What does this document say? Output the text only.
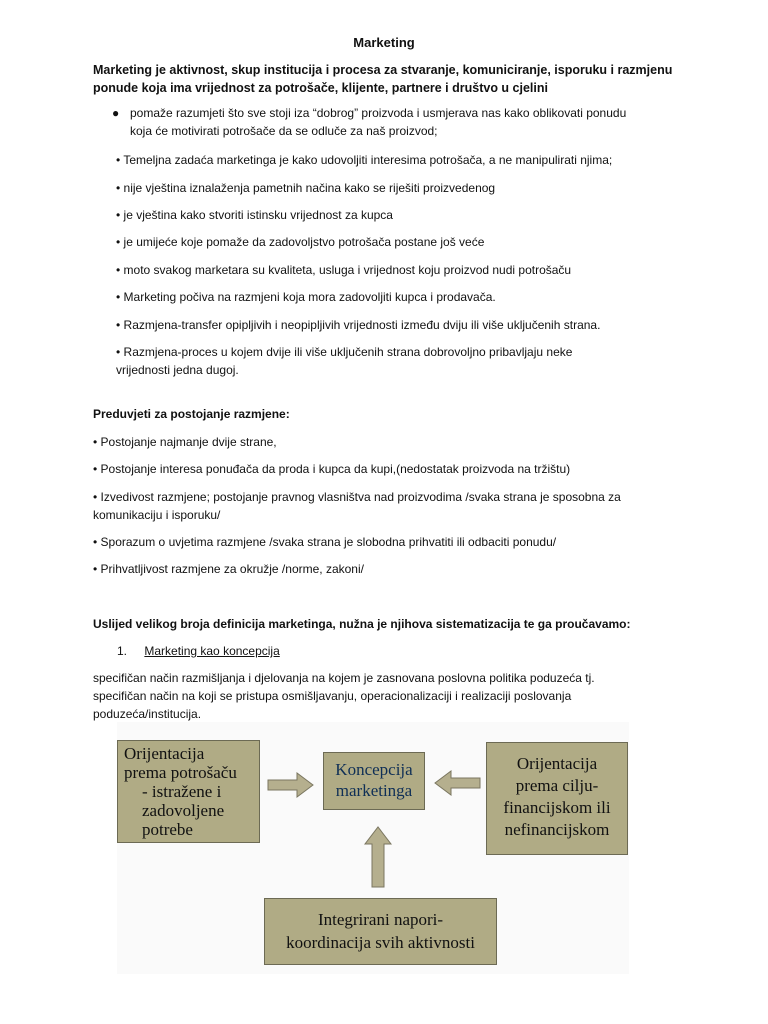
Marketing
Marketing je aktivnost, skup institucija i procesa za stvaranje, komuniciranje, isporuku i razmjenu
ponude koja ima vrijednost za potrošače, klijente, partnere i društvo u cjelini
● pomaže razumjeti što sve stoji iza “dobrog” proizvoda i usmjerava nas kako oblikovati ponudu
koja će motivirati potrošače da se odluče za naš proizvod;
• Temeljna zadaća marketinga je kako udovoljiti interesima potrošača, a ne manipulirati njima;
• nije vještina iznalaženja pametnih načina kako se riješiti proizvedenog
• je vještina kako stvoriti istinsku vrijednost za kupca
• je umijeće koje pomaže da zadovoljstvo potrošača postane još veće
• moto svakog marketara su kvaliteta, usluga i vrijednost koju proizvod nudi potrošaču
• Marketing počiva na razmjeni koja mora zadovoljiti kupca i prodavača.
• Razmjena-transfer opipljivih i neopipljivih vrijednosti između dviju ili više uključenih strana.
• Razmjena-proces u kojem dvije ili više uključenih strana dobrovoljno pribavljaju neke
vrijednosti jedna dugoj.
Preduvjeti za postojanje razmjene:
• Postojanje najmanje dvije strane,
• Postojanje interesa ponuđača da proda i kupca da kupi,(nedostatak proizvoda na tržištu)
• Izvedivost razmjene; postojanje pravnog vlasništva nad proizvodima /svaka strana je sposobna za
komunikaciju i isporuku/
• Sporazum o uvjetima razmjene /svaka strana je slobodna prihvatiti ili odbaciti ponudu/
• Prihvatljivost razmjene za okružje /norme, zakoni/
Uslijed velikog broja definicija marketinga, nužna je njihova sistematizacija te ga proučavamo:
1. Marketing kao koncepcija
specifičan način razmišljanja i djelovanja na kojem je zasnovana poslovna politika poduzeća tj.
specifičan način na koji se pristupa osmišljavanju, operacionalizaciji i realizaciji poslovanja
poduzeća/institucija.
Orijentacija
prema potrošaču
- istražene i
zadovoljene
potrebe
Koncepcija
marketinga
Orijentacija
prema cilju-
financijskom ili
nefinancijskom
Integrirani napori-
koordinacija svih aktivnosti
